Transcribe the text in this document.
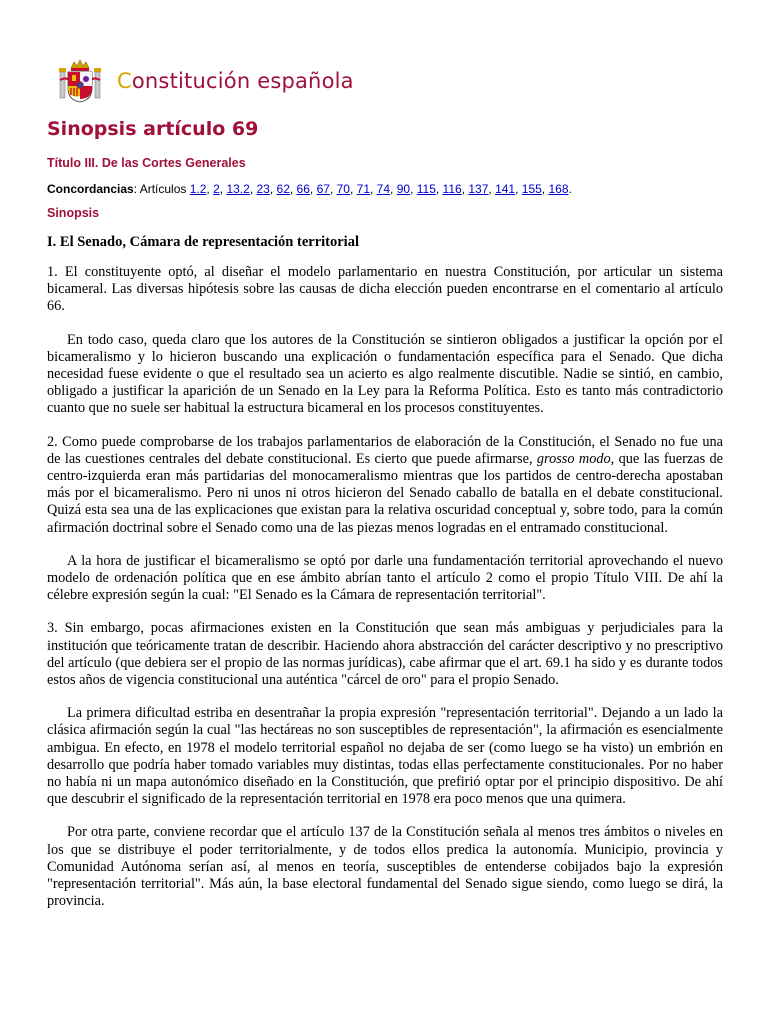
Constitución española
Sinopsis artículo 69
Título III. De las Cortes Generales
Concordancias: Artículos 1.2, 2, 13.2, 23, 62, 66, 67, 70, 71, 74, 90, 115, 116, 137, 141, 155, 168.
Sinopsis
I. El Senado, Cámara de representación territorial

1. El constituyente optó, al diseñar el modelo parlamentario en nuestra Constitución, por articular un sistema bicameral. Las diversas hipótesis sobre las causas de dicha elección pueden encontrarse en el comentario al artículo 66.

En todo caso, queda claro que los autores de la Constitución se sintieron obligados a justificar la opción por el bicameralismo y lo hicieron buscando una explicación o fundamentación específica para el Senado. Que dicha necesidad fuese evidente o que el resultado sea un acierto es algo realmente discutible. Nadie se sintió, en cambio, obligado a justificar la aparición de un Senado en la Ley para la Reforma Política. Esto es tanto más contradictorio cuanto que no suele ser habitual la estructura bicameral en los procesos constituyentes.

2. Como puede comprobarse de los trabajos parlamentarios de elaboración de la Constitución, el Senado no fue una de las cuestiones centrales del debate constitucional. Es cierto que puede afirmarse, grosso modo, que las fuerzas de centro-izquierda eran más partidarias del monocameralismo mientras que los partidos de centro-derecha apostaban más por el bicameralismo. Pero ni unos ni otros hicieron del Senado caballo de batalla en el debate constitucional. Quizá esta sea una de las explicaciones que existan para la relativa oscuridad conceptual y, sobre todo, para la común afirmación doctrinal sobre el Senado como una de las piezas menos logradas en el entramado constitucional.

A la hora de justificar el bicameralismo se optó por darle una fundamentación territorial aprovechando el nuevo modelo de ordenación política que en ese ámbito abrían tanto el artículo 2 como el propio Título VIII. De ahí la célebre expresión según la cual: "El Senado es la Cámara de representación territorial".

3. Sin embargo, pocas afirmaciones existen en la Constitución que sean más ambiguas y perjudiciales para la institución que teóricamente tratan de describir. Haciendo ahora abstracción del carácter descriptivo y no prescriptivo del artículo (que debiera ser el propio de las normas jurídicas), cabe afirmar que el art. 69.1 ha sido y es durante todos estos años de vigencia constitucional una auténtica "cárcel de oro" para el propio Senado.

La primera dificultad estriba en desentrañar la propia expresión "representación territorial". Dejando a un lado la clásica afirmación según la cual "las hectáreas no son susceptibles de representación", la afirmación es esencialmente ambigua. En efecto, en 1978 el modelo territorial español no dejaba de ser (como luego se ha visto) un embrión en desarrollo que podría haber tomado variables muy distintas, todas ellas perfectamente constitucionales. Por no haber no había ni un mapa autonómico diseñado en la Constitución, que prefirió optar por el principio dispositivo. De ahí que descubrir el significado de la representación territorial en 1978 era poco menos que una quimera.

Por otra parte, conviene recordar que el artículo 137 de la Constitución señala al menos tres ámbitos o niveles en los que se distribuye el poder territorialmente, y de todos ellos predica la autonomía. Municipio, provincia y Comunidad Autónoma serían así, al menos en teoría, susceptibles de entenderse cobijados bajo la expresión "representación territorial". Más aún, la base electoral fundamental del Senado sigue siendo, como luego se dirá, la provincia.
